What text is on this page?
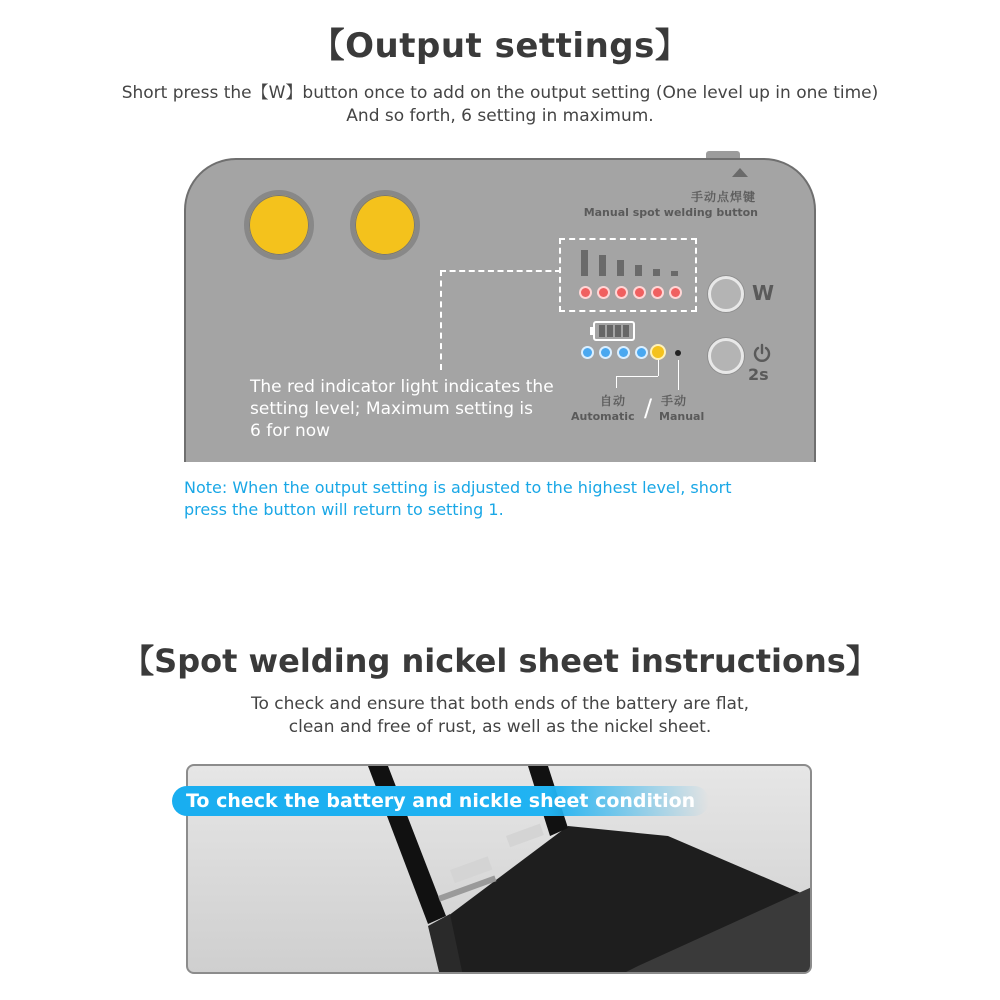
【Output settings】
Short press the【W】button once to add on the output setting (One level up in one time)
And so forth, 6 setting in maximum.
手动点焊键
Manual spot welding button
W
2s
自动
Automatic / 手动
Manual
The red indicator light indicates the
setting level; Maximum setting is
6 for now
Note: When the output setting is adjusted to the highest level, short
press the button will return to setting 1.
【Spot welding nickel sheet instructions】
To check and ensure that both ends of the battery are flat,
clean and free of rust, as well as the nickel sheet.
To check the battery and nickle sheet condition
